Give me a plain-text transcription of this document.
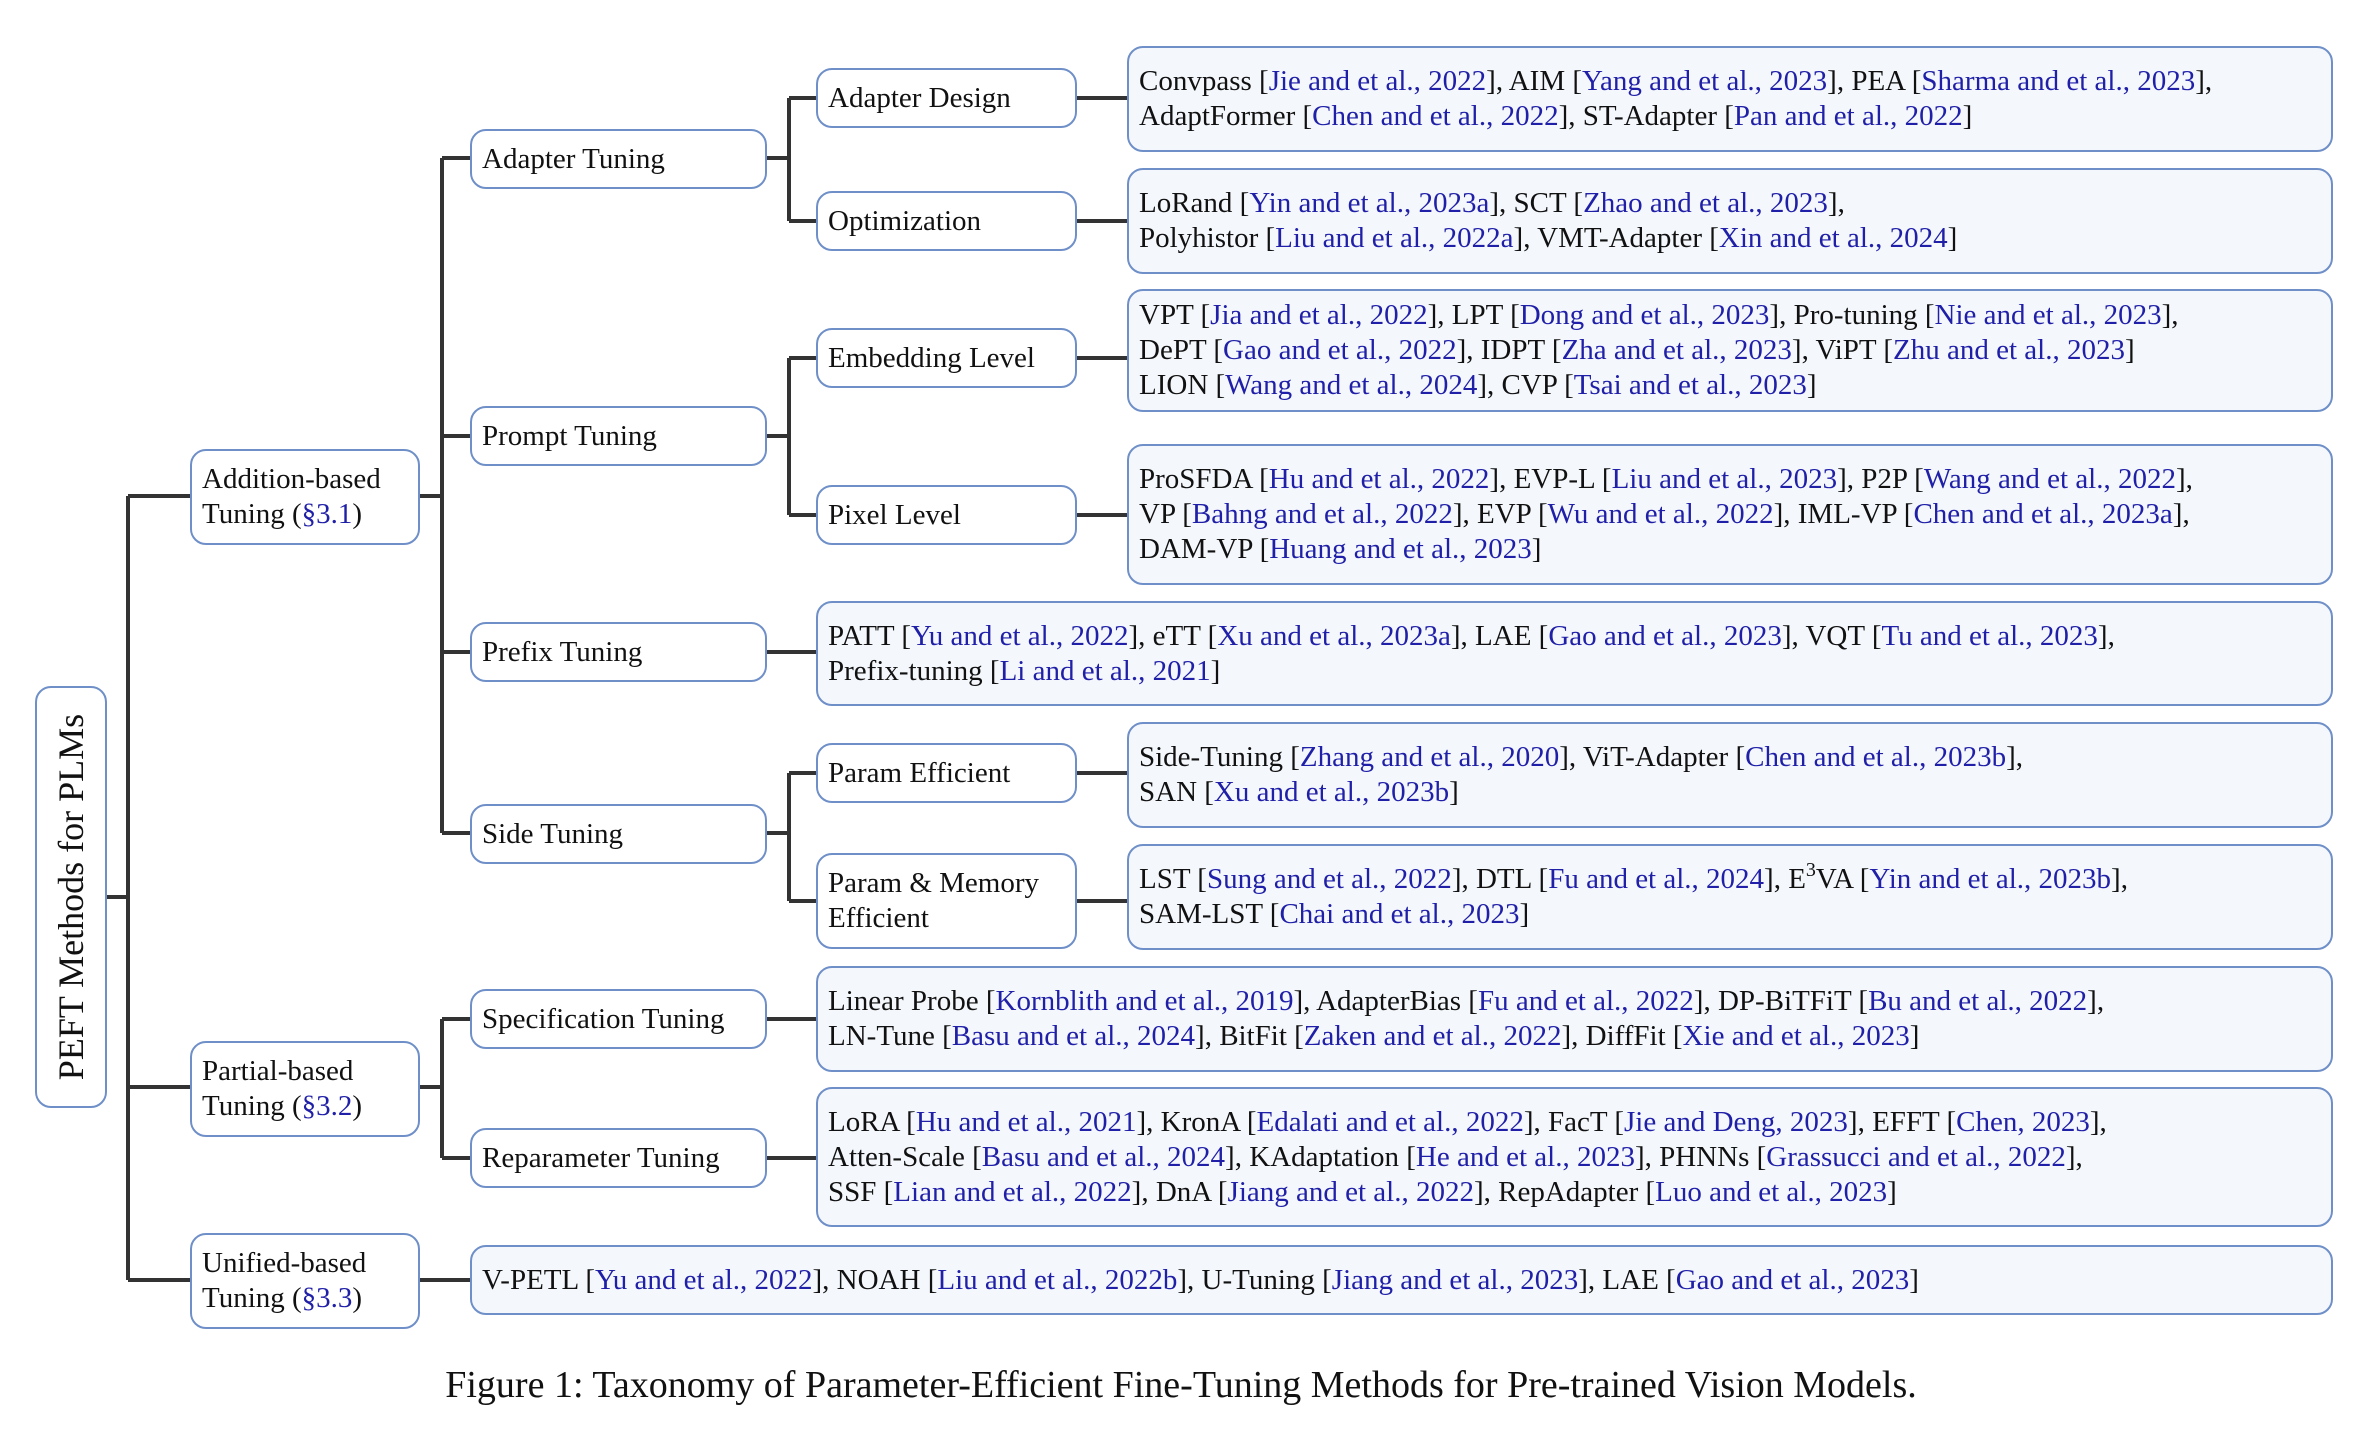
PEFT Methods for PLMs
Addition-based
Tuning (§3.1)
Partial-based
Tuning (§3.2)
Unified-based
Tuning (§3.3)
Adapter Tuning
Prompt Tuning
Prefix Tuning
Side Tuning
Specification Tuning
Reparameter Tuning
Adapter Design
Optimization
Embedding Level
Pixel Level
Param Efficient
Param & Memory
Efficient
Convpass [Jie and et al., 2022], AIM [Yang and et al., 2023], PEA [Sharma and et al., 2023],
AdaptFormer [Chen and et al., 2022], ST-Adapter [Pan and et al., 2022]
LoRand [Yin and et al., 2023a], SCT [Zhao and et al., 2023],
Polyhistor [Liu and et al., 2022a], VMT-Adapter [Xin and et al., 2024]
VPT [Jia and et al., 2022], LPT [Dong and et al., 2023], Pro-tuning [Nie and et al., 2023],
DePT [Gao and et al., 2022], IDPT [Zha and et al., 2023], ViPT [Zhu and et al., 2023]
LION [Wang and et al., 2024], CVP [Tsai and et al., 2023]
ProSFDA [Hu and et al., 2022], EVP-L [Liu and et al., 2023], P2P [Wang and et al., 2022],
VP [Bahng and et al., 2022], EVP [Wu and et al., 2022], IML-VP [Chen and et al., 2023a],
DAM-VP [Huang and et al., 2023]
PATT [Yu and et al., 2022], eTT [Xu and et al., 2023a], LAE [Gao and et al., 2023], VQT [Tu and et al., 2023],
Prefix-tuning [Li and et al., 2021]
Side-Tuning [Zhang and et al., 2020], ViT-Adapter [Chen and et al., 2023b],
SAN [Xu and et al., 2023b]
LST [Sung and et al., 2022], DTL [Fu and et al., 2024], $E^3VA$ [Yin and et al., 2023b],
SAM-LST [Chai and et al., 2023]
Linear Probe [Kornblith and et al., 2019], AdapterBias [Fu and et al., 2022], DP-BiTFiT [Bu and et al., 2022],
LN-Tune [Basu and et al., 2024], BitFit [Zaken and et al., 2022], DiffFit [Xie and et al., 2023]
LoRA [Hu and et al., 2021], KronA [Edalati and et al., 2022], FacT [Jie and Deng, 2023], EFFT [Chen, 2023],
Atten-Scale [Basu and et al., 2024], KAdaptation [He and et al., 2023], PHNNs [Grassucci and et al., 2022],
SSF [Lian and et al., 2022], DnA [Jiang and et al., 2022], RepAdapter [Luo and et al., 2023]
V-PETL [Yu and et al., 2022], NOAH [Liu and et al., 2022b], U-Tuning [Jiang and et al., 2023], LAE [Gao and et al., 2023]
Figure 1: Taxonomy of Parameter-Efficient Fine-Tuning Methods for Pre-trained Vision Models.
